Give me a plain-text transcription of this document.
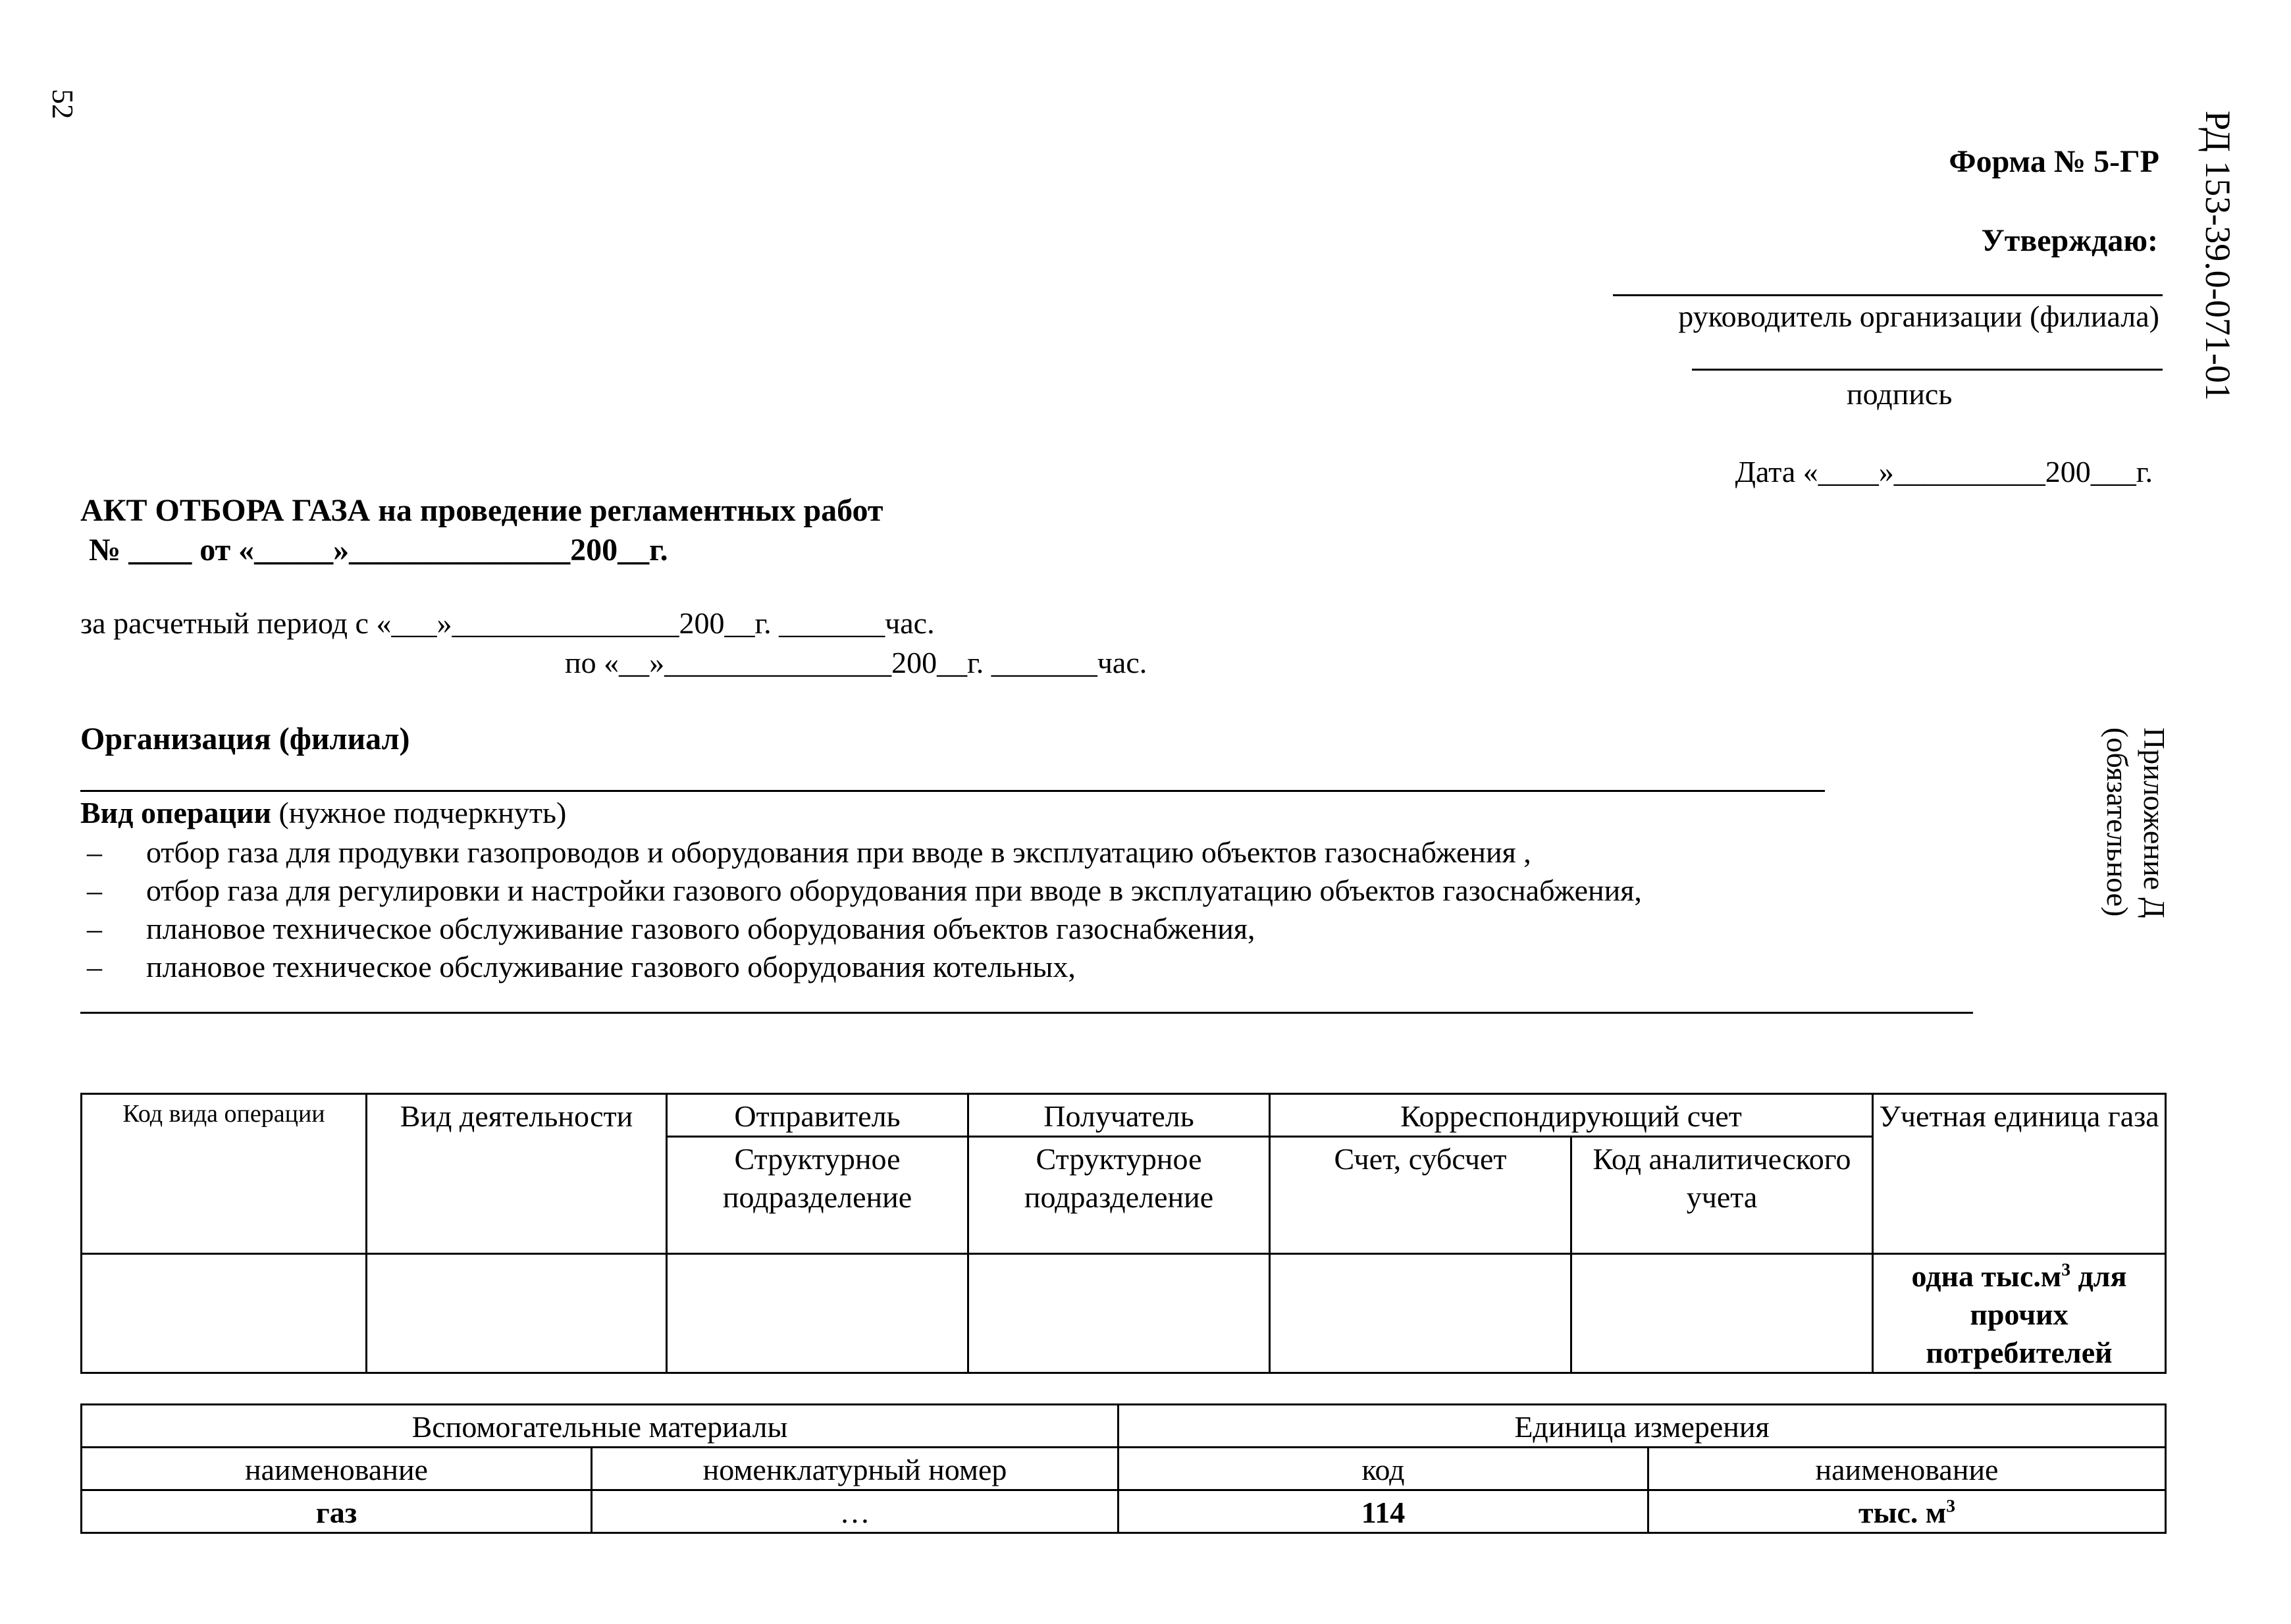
52
РД 153-39.0-071-01
Приложение Д
(обязательное)
Форма № 5-ГР
Утверждаю:
руководитель организации (филиала)
подпись
Дата «____»__________200___г.
АКТ ОТБОРА ГАЗА на проведение регламентных работ
№ ____ от «_____»______________200__г.
за расчетный период с «___»_______________200__г. _______час.
по «__»_______________200__г. _______час.
Организация (филиал)
Вид операции (нужное подчеркнуть)
– отбор газа для продувки газопроводов и оборудования при вводе в эксплуатацию объектов газоснабжения ,
– отбор газа для регулировки и настройки газового оборудования при вводе в эксплуатацию объектов газоснабжения,
– плановое техническое обслуживание газового оборудования объектов газоснабжения,
– плановое техническое обслуживание газового оборудования котельных,
Код вида операции	Вид деятельности	Отправитель	Получатель	Корреспондирующий счет		Учетная единица газа
		Структурное подразделение	Структурное подразделение	Счет, субсчет	Код аналитического учета	
						одна $тыс.м^3$ для прочих потребителей
Вспомогательные материалы		Единица измерения	
наименование	номенклатурный номер	код	наименование
газ	…	114	тыс. $м^3$
